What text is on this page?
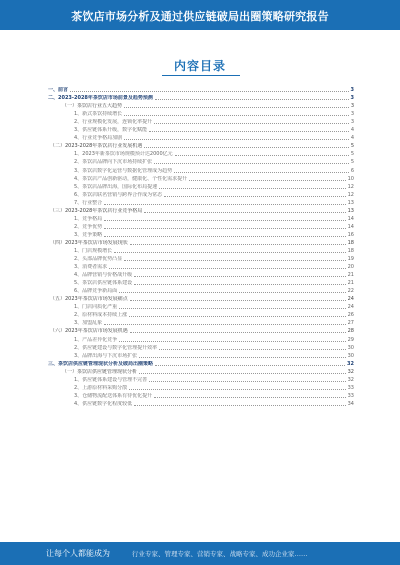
茶饮店市场分析及通过供应链破局出圈策略研究报告
内容目录
一、前言	3
二、2023-2028年茶饮店市场前景及趋势预测	3
（一）茶饮店行业五大趋势	3
1、新式茶饮持续增长	3
2、行业规模化发展，连锁化率提升	3
3、供应链体系升级，数字化赋能	4
4、行业竞争格局加剧	4
（二）2023-2028年茶饮店行业发展机遇	5
1、2023年新茶饮市场规模预计达2000亿元	5
2、茶饮店品牌向下沉市场持续扩张	5
3、茶饮店数字化运营与数据化管理成为趋势	6
4、茶饮店产品创新驱动，健康化、个性化需求提升	10
5、茶饮店品牌出海，国际化布局提速	12
6、茶饮店联名营销与跨界合作成为常态	12
7、行业整合	13
（三）2023-2028年茶饮店行业竞争格局	13
1、竞争格局	14
2、竞争优势	14
3、竞争策略	16
（四）2023年茶饮店市场发展现状	18
1、门店规模增长	18
2、头部品牌优势凸显	19
3、消费者需求	20
4、品牌营销与价格战升级	21
5、茶饮店供应链体系建设	21
6、品牌竞争新局面	22
（五）2023年茶饮店市场发展痛点	24
1、门店同质化严重	24
2、原材料成本持续上涨	26
3、加盟乱象	27
（六）2023年茶饮店市场发展机遇	28
1、产品差异化竞争	29
2、供应链建设与数字化管理提升效率	30
3、品牌出海与下沉市场扩张	30
三、茶饮店供应链管理现状分析及破局出圈策略	32
（一）茶饮店供应链管理现状分析	32
1、供应链体系建设与管理不完善	32
2、上游原材料采购分散	33
3、仓储物流配送体系有待优化提升	33
4、供应链数字化程度较低	34
让每个人都能成为	行业专家、管理专家、营销专家、战略专家、成功企业家……
